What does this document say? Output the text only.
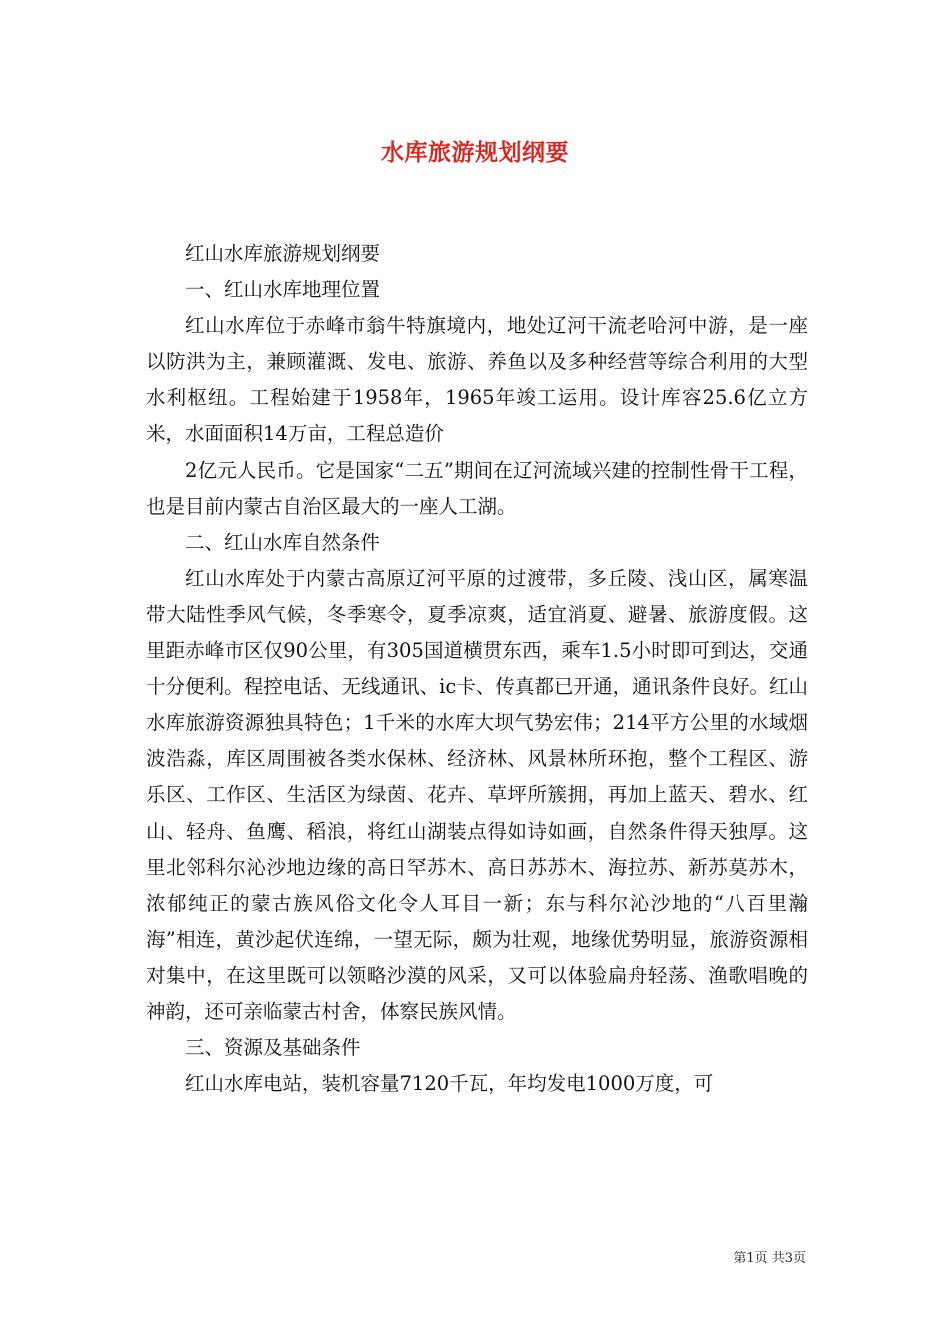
水库旅游规划纲要

红山水库旅游规划纲要

一、红山水库地理位置

红山水库位于赤峰市翁牛特旗境内，地处辽河干流老哈河中游，是一座以防洪为主，兼顾灌溉、发电、旅游、养鱼以及多种经营等综合利用的大型水利枢纽。工程始建于1958年，1965年竣工运用。设计库容25.6亿立方米，水面面积14万亩，工程总造价

2亿元人民币。它是国家“二五”期间在辽河流域兴建的控制性骨干工程，也是目前内蒙古自治区最大的一座人工湖。

二、红山水库自然条件

红山水库处于内蒙古高原辽河平原的过渡带，多丘陵、浅山区，属寒温带大陆性季风气候，冬季寒令，夏季凉爽，适宜消夏、避暑、旅游度假。这里距赤峰市区仅90公里，有305国道横贯东西，乘车1.5小时即可到达，交通十分便利。程控电话、无线通讯、ic卡、传真都已开通，通讯条件良好。红山水库旅游资源独具特色；1千米的水库大坝气势宏伟；214平方公里的水域烟波浩淼，库区周围被各类水保林、经济林、风景林所环抱，整个工程区、游乐区、工作区、生活区为绿茵、花卉、草坪所簇拥，再加上蓝天、碧水、红山、轻舟、鱼鹰、稻浪，将红山湖装点得如诗如画，自然条件得天独厚。这里北邻科尔沁沙地边缘的高日罕苏木、高日苏苏木、海拉苏、新苏莫苏木，浓郁纯正的蒙古族风俗文化令人耳目一新；东与科尔沁沙地的“八百里瀚海”相连，黄沙起伏连绵，一望无际，颇为壮观，地缘优势明显，旅游资源相对集中，在这里既可以领略沙漠的风采，又可以体验扁舟轻荡、渔歌唱晚的神韵，还可亲临蒙古村舍，体察民族风情。

三、资源及基础条件

红山水库电站，装机容量7120千瓦，年均发电1000万度，可

第1页 共3页
